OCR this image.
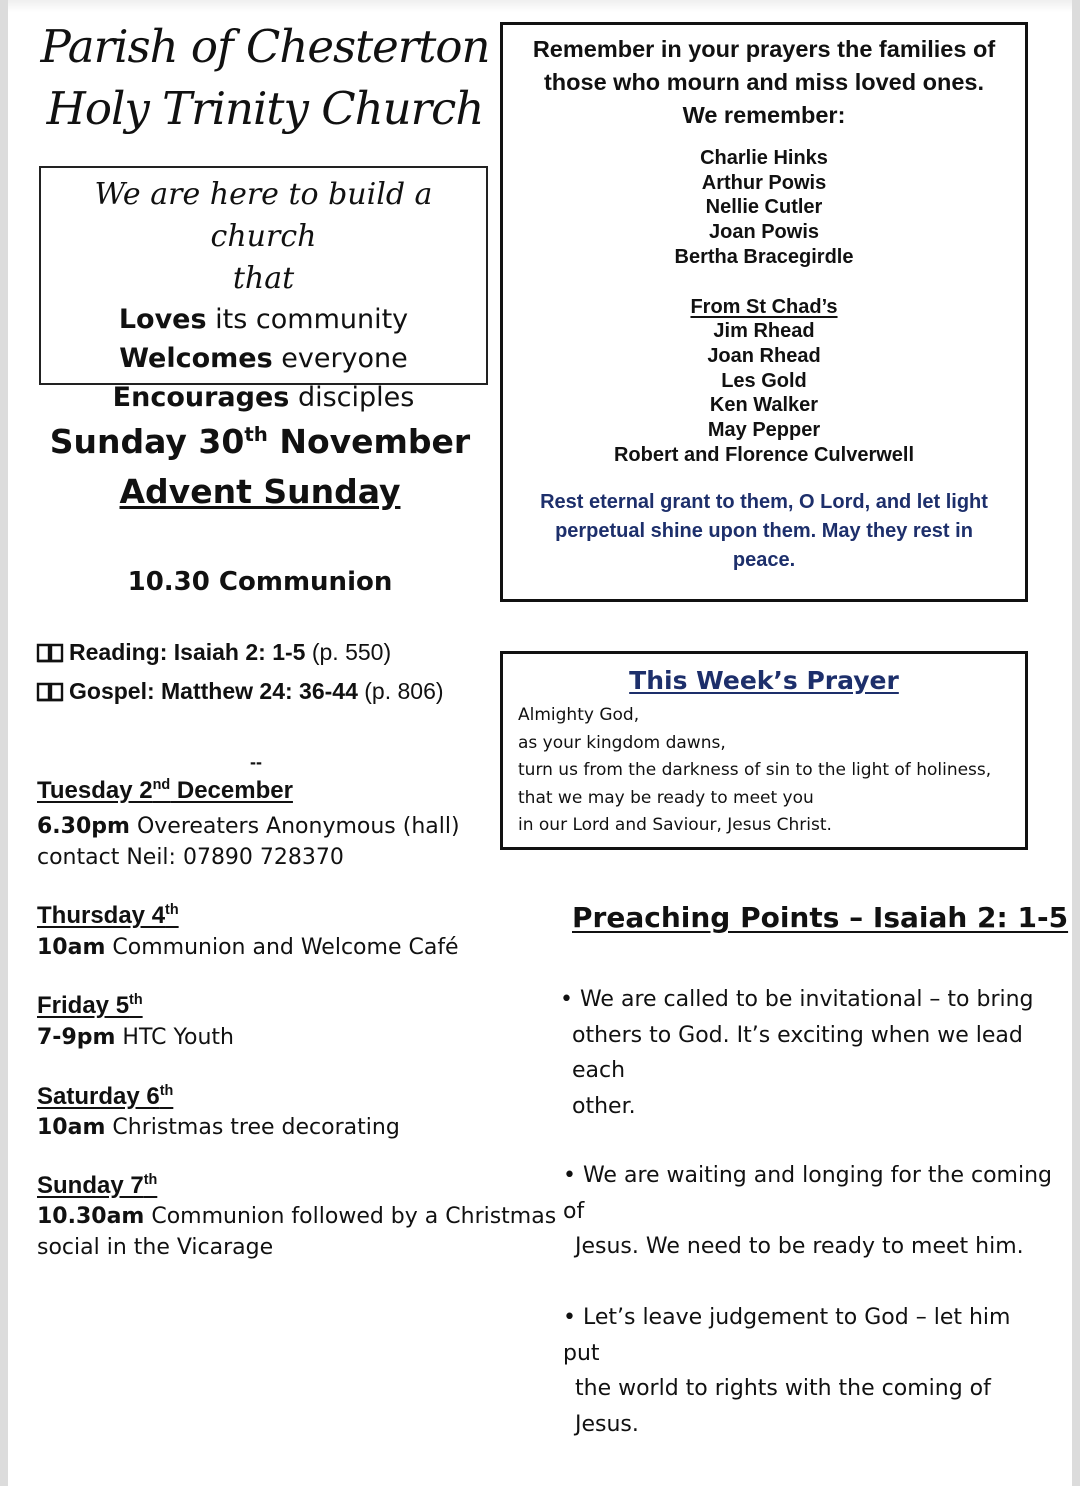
Parish of Chesterton
Holy Trinity Church
We are here to build a church
that
Loves its community
Welcomes everyone
Encourages disciples
Sunday 30th November
Advent Sunday
10.30 Communion
Reading: Isaiah 2: 1-5 (p. 550)
Gospel: Matthew 24: 36-44 (p. 806)
--
Tuesday 2nd December
6.30pm Overeaters Anonymous (hall)
contact Neil: 07890 728370
Thursday 4th
10am Communion and Welcome Café
Friday 5th
7-9pm HTC Youth
Saturday 6th
10am Christmas tree decorating
Sunday 7th
10.30am Communion followed by a Christmas
social in the Vicarage
Remember in your prayers the families of
those who mourn and miss loved ones.
We remember:
Charlie Hinks
Arthur Powis
Nellie Cutler
Joan Powis
Bertha Bracegirdle
From St Chad’s
Jim Rhead
Joan Rhead
Les Gold
Ken Walker
May Pepper
Robert and Florence Culverwell
Rest eternal grant to them, O Lord, and let light
perpetual shine upon them. May they rest in
peace.
This Week’s Prayer
Almighty God,
as your kingdom dawns,
turn us from the darkness of sin to the light of holiness,
that we may be ready to meet you
in our Lord and Saviour, Jesus Christ.
Preaching Points – Isaiah 2: 1-5
• We are called to be invitational – to bring
others to God. It’s exciting when we lead each
other.
• We are waiting and longing for the coming of
Jesus. We need to be ready to meet him.
• Let’s leave judgement to God – let him put
the world to rights with the coming of Jesus.
